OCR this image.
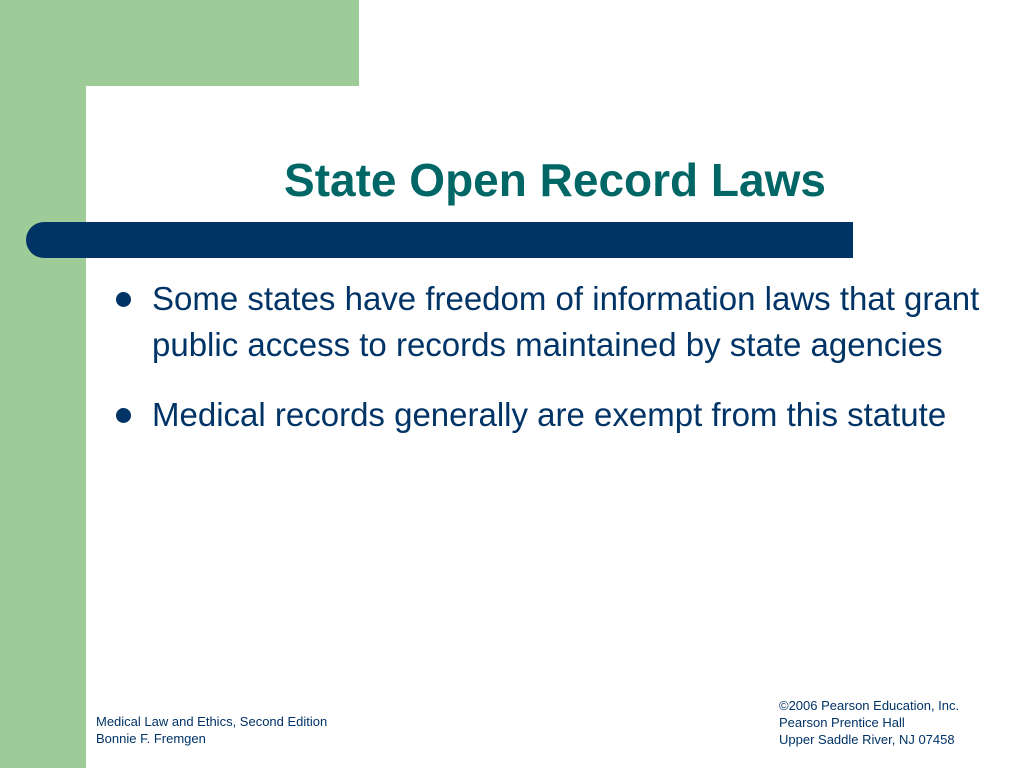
State Open Record Laws
Some states have freedom of information laws that grant public access to records maintained by state agencies
Medical records generally are exempt from this statute
Medical Law and Ethics, Second Edition
Bonnie F. Fremgen
©2006 Pearson Education, Inc.
Pearson Prentice Hall
Upper Saddle River, NJ 07458
